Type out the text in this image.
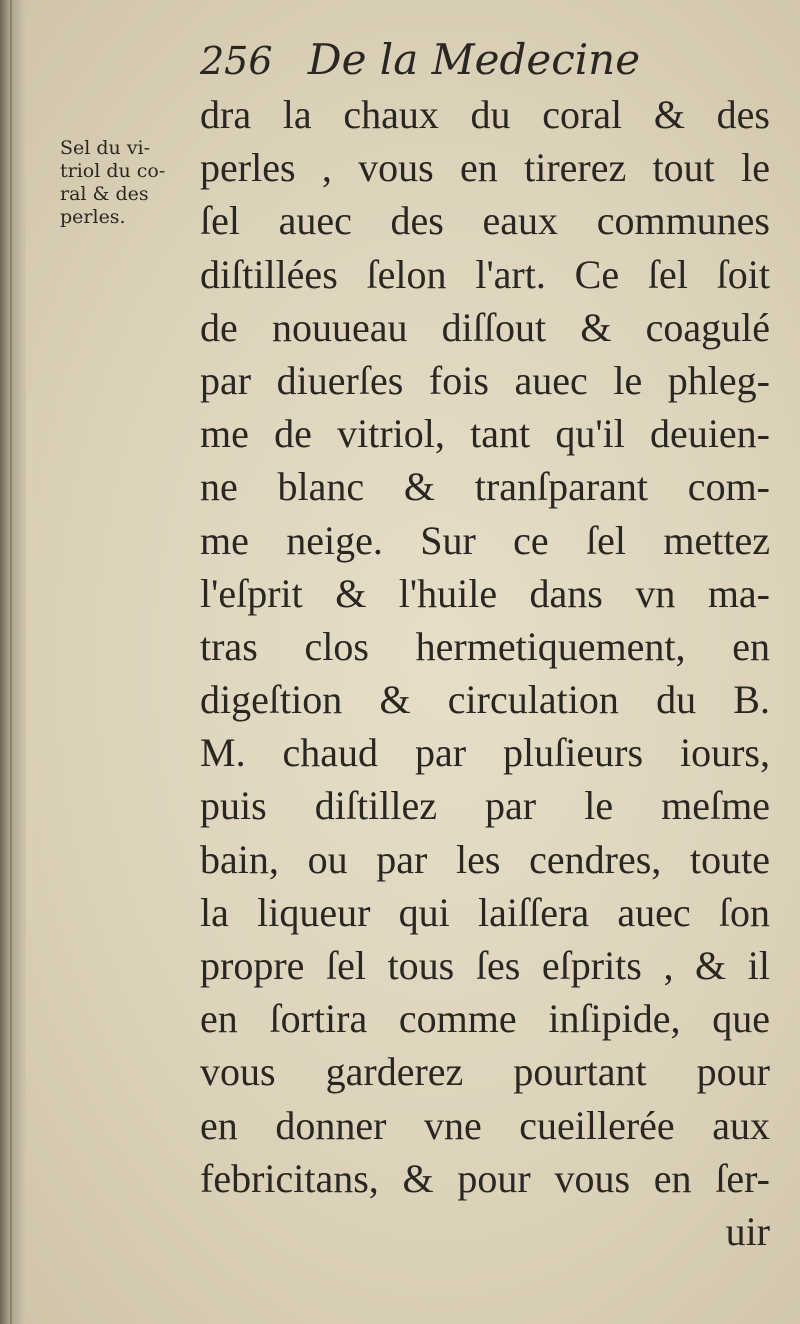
256 De la Medecine
Sel du vi-
triol du co-
ral & des
perles.
dra la chaux du coral & des
perles , vous en tirerez tout le
ſel auec des eaux communes
diſtillées ſelon l'art. Ce ſel ſoit
de nouueau diſſout & coagulé
par diuerſes fois auec le phleg-
me de vitriol, tant qu'il deuien-
ne blanc & tranſparant com-
me neige. Sur ce ſel mettez
l'eſprit & l'huile dans vn ma-
tras clos hermetiquement, en
digeſtion & circulation du B.
M. chaud par pluſieurs iours,
puis diſtillez par le meſme
bain, ou par les cendres, toute
la liqueur qui laiſſera auec ſon
propre ſel tous ſes eſprits , & il
en ſortira comme inſipide, que
vous garderez pourtant pour
en donner vne cueillerée aux
febricitans, & pour vous en ſer-
uir
